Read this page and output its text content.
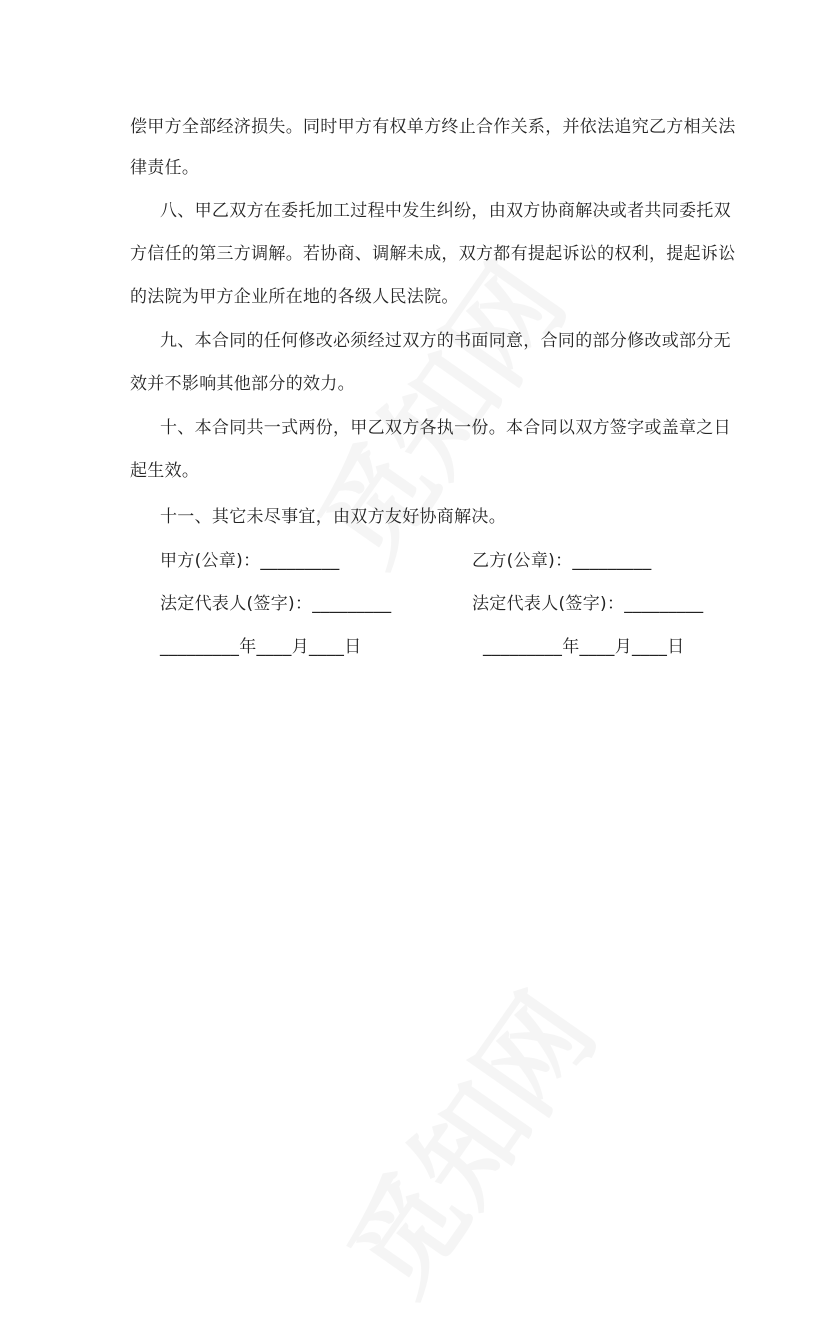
偿甲方全部经济损失。同时甲方有权单方终止合作关系，并依法追究乙方相关法
律责任。
八、甲乙双方在委托加工过程中发生纠纷，由双方协商解决或者共同委托双
方信任的第三方调解。若协商、调解未成，双方都有提起诉讼的权利，提起诉讼
的法院为甲方企业所在地的各级人民法院。
九、本合同的任何修改必须经过双方的书面同意，合同的部分修改或部分无
效并不影响其他部分的效力。
十、本合同共一式两份，甲乙双方各执一份。本合同以双方签字或盖章之日
起生效。
十一、其它未尽事宜，由双方友好协商解决。
甲方(公章)：_________	乙方(公章)：_________
法定代表人(签字)：_________	法定代表人(签字)：_________
_________年____月____日	_________年____月____日
